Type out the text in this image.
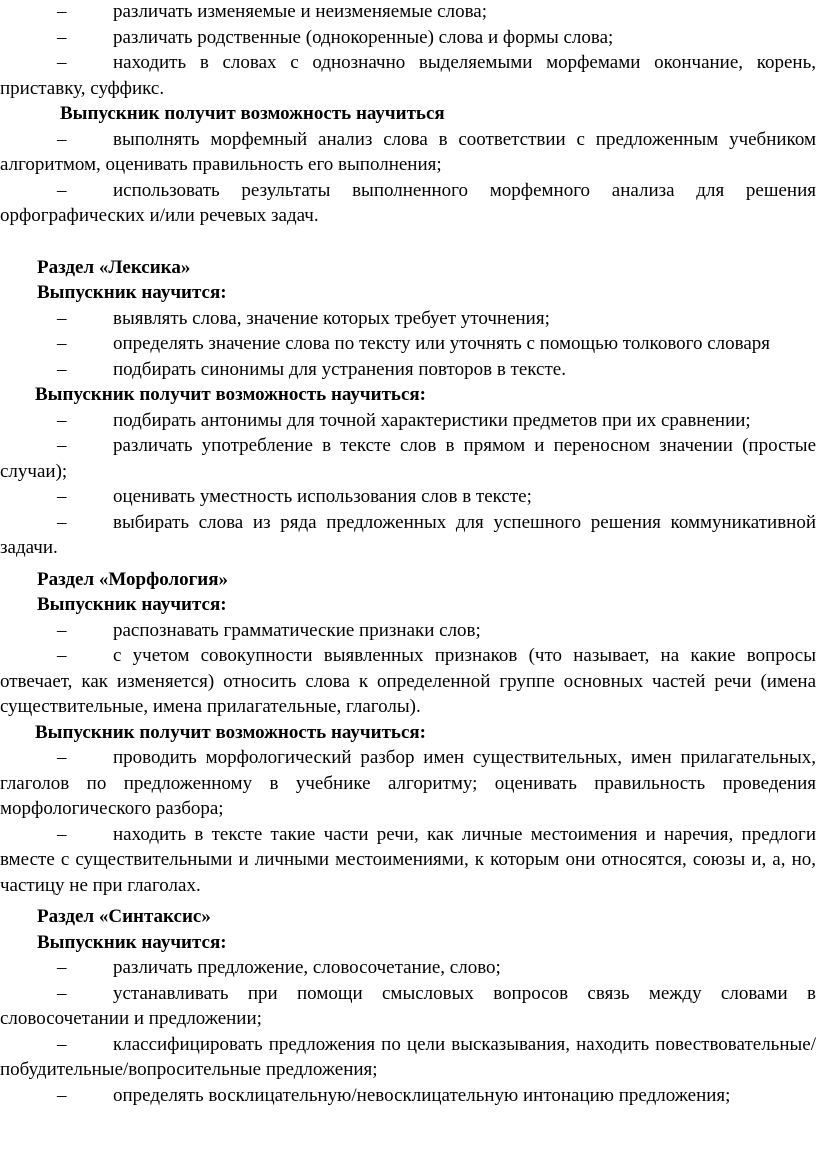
–	различать изменяемые и неизменяемые слова;

–	различать родственные (однокоренные) слова и формы слова;

–	находить в словах с однозначно выделяемыми морфемами окончание, корень, приставку, суффикс.

Выпускник получит возможность научиться

–	выполнять морфемный анализ слова в соответствии с предложенным учебником алгоритмом, оценивать правильность его выполнения;

–	использовать результаты выполненного морфемного анализа для решения орфографических и/или речевых задач.

Раздел «Лексика»

Выпускник научится:

–	выявлять слова, значение которых требует уточнения;

–	определять значение слова по тексту или уточнять с помощью толкового словаря

–	подбирать синонимы для устранения повторов в тексте.

Выпускник получит возможность научиться:

–	подбирать антонимы для точной характеристики предметов при их сравнении;

–	различать употребление в тексте слов в прямом и переносном значении (простые случаи);

–	оценивать уместность использования слов в тексте;

–	выбирать слова из ряда предложенных для успешного решения коммуникативной задачи.

Раздел «Морфология»

Выпускник научится:

–	распознавать грамматические признаки слов;

–	с учетом совокупности выявленных признаков (что называет, на какие вопросы отвечает, как изменяется) относить слова к определенной группе основных частей речи (имена существительные, имена прилагательные, глаголы).

Выпускник получит возможность научиться:

–	проводить морфологический разбор имен существительных, имен прилагательных, глаголов по предложенному в учебнике алгоритму; оценивать правильность проведения морфологического разбора;

–	находить в тексте такие части речи, как личные местоимения и наречия, предлоги вместе с существительными и личными местоимениями, к которым они относятся, союзы и, а, но, частицу не при глаголах.

Раздел «Синтаксис»

Выпускник научится:

–	различать предложение, словосочетание, слово;

–	устанавливать при помощи смысловых вопросов связь между словами в словосочетании и предложении;

–	классифицировать предложения по цели высказывания, находить повествовательные/побудительные/вопросительные предложения;

–	определять восклицательную/невосклицательную интонацию предложения;
